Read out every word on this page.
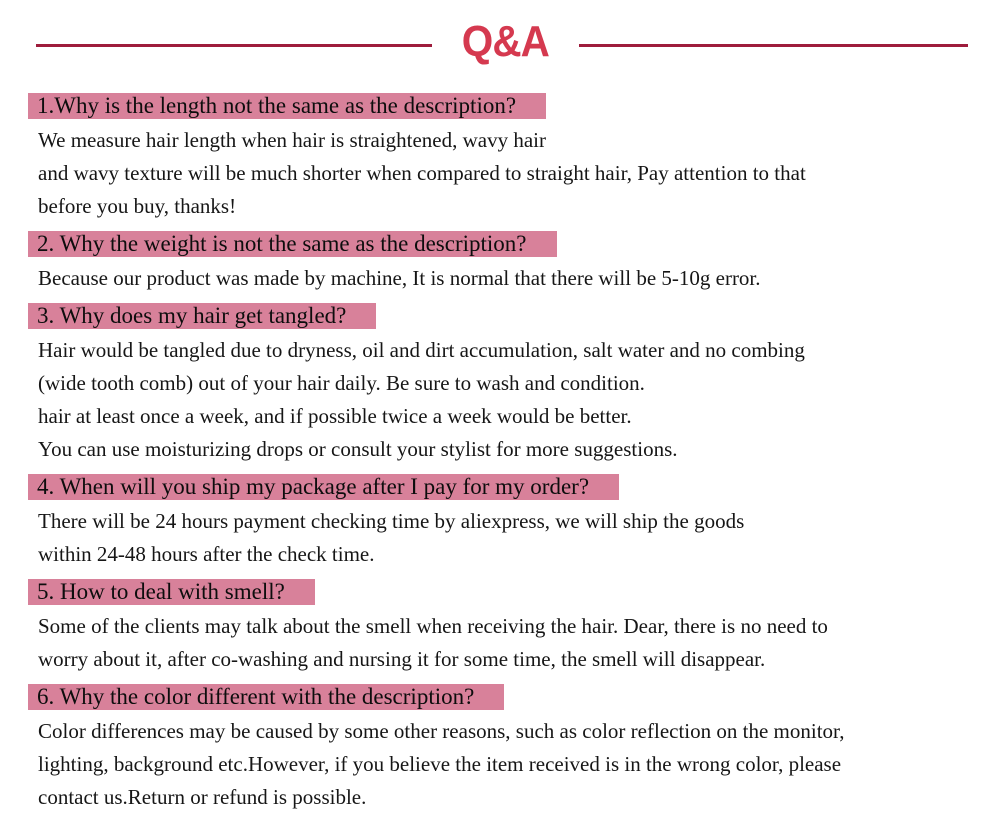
Q&A
1.Why is the length not the same as the description?

We measure hair length when hair is straightened, wavy hair

and wavy texture will be much shorter when compared to straight hair, Pay attention to that

before you buy, thanks!

2. Why the weight is not the same as the description?

Because our product was made by machine, It is normal that there will be 5-10g error.

3. Why does my hair get tangled?

Hair would be tangled due to dryness, oil and dirt accumulation, salt water and no combing

(wide tooth comb) out of your hair daily. Be sure to wash and condition.

hair at least once a week, and if possible twice a week would be better.

You can use moisturizing drops or consult your stylist for more suggestions.

4. When will you ship my package after I pay for my order?

There will be 24 hours payment checking time by aliexpress, we will ship the goods

within 24-48 hours after the check time.

5. How to deal with smell?

Some of the clients may talk about the smell when receiving the hair. Dear, there is no need to

worry about it, after co-washing and nursing it for some time, the smell will disappear.

6. Why the color different with the description?

Color differences may be caused by some other reasons, such as color reflection on the monitor,

lighting, background etc.However, if you believe the item received is in the wrong color, please

contact us.Return or refund is possible.
